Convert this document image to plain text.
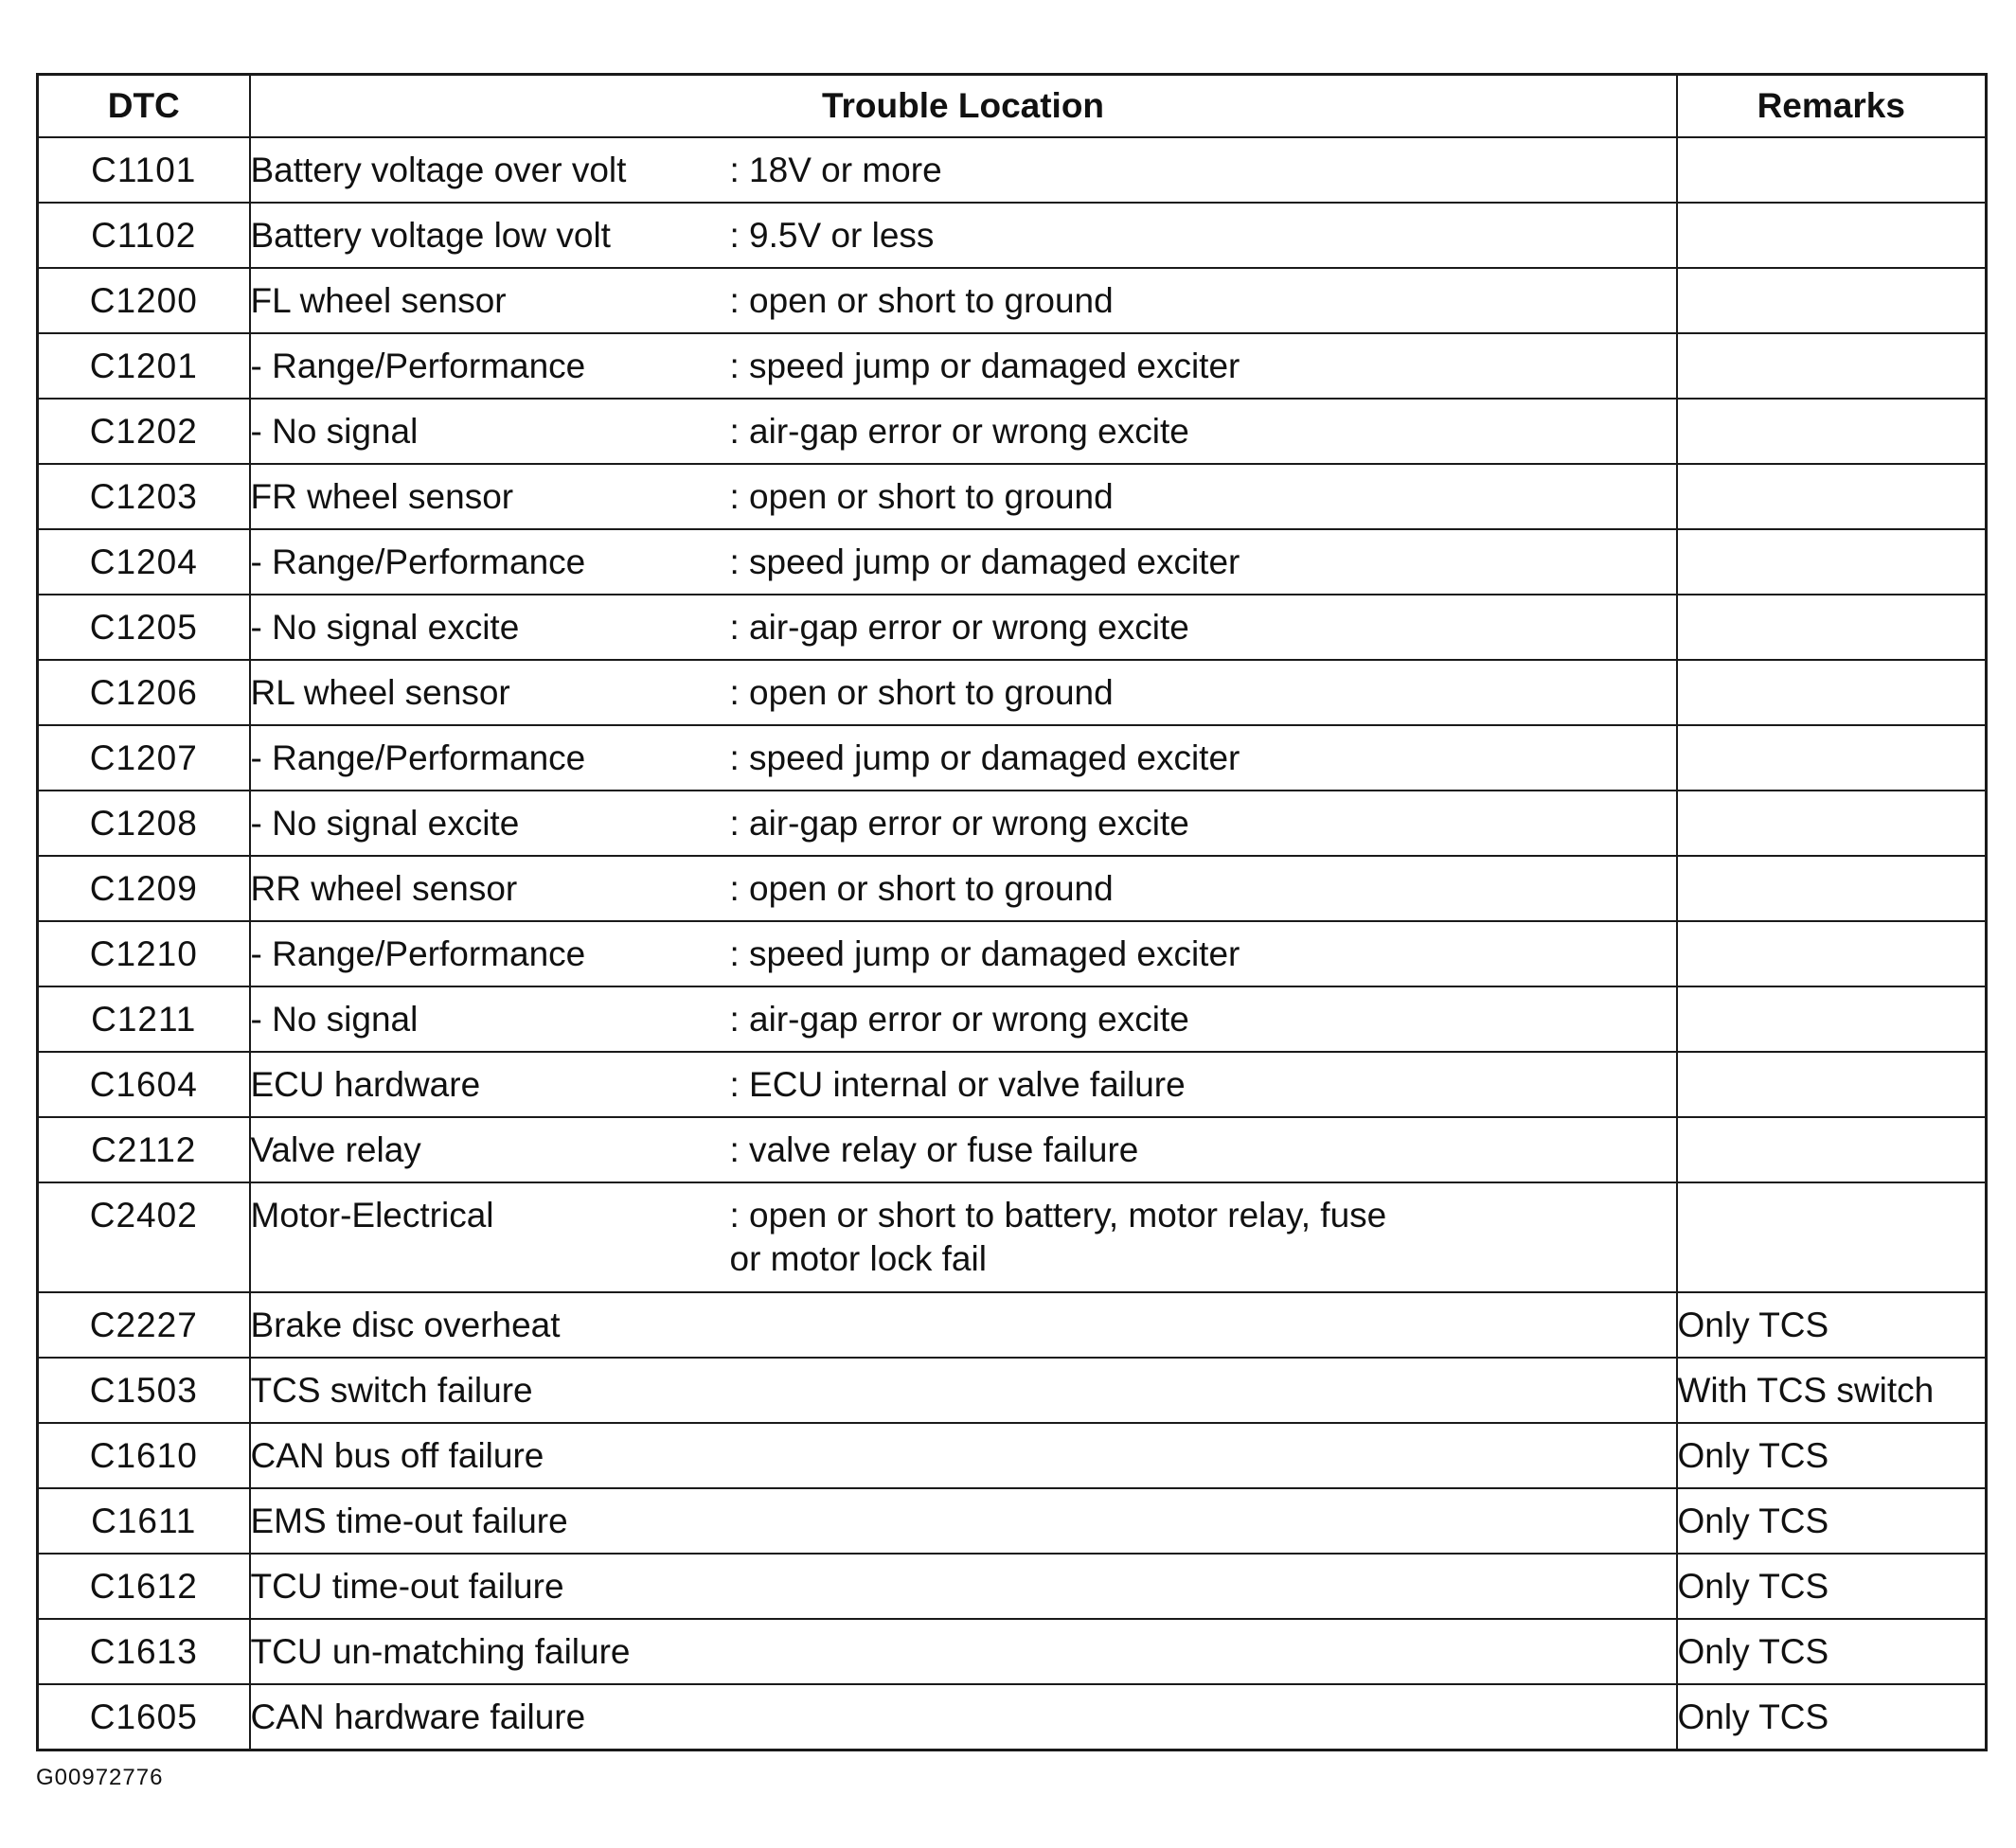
DTC	Trouble Location	Remarks
C1101	Battery voltage over volt : 18V or more	

C1102	Battery voltage low volt : 9.5V or less	

C1200	FL wheel sensor : open or short to ground	

C1201	- Range/Performance : speed jump or damaged exciter	

C1202	- No signal : air-gap error or wrong excite	

C1203	FR wheel sensor : open or short to ground	

C1204	- Range/Performance : speed jump or damaged exciter	

C1205	- No signal excite : air-gap error or wrong excite	

C1206	RL wheel sensor : open or short to ground	

C1207	- Range/Performance : speed jump or damaged exciter	

C1208	- No signal excite : air-gap error or wrong excite	

C1209	RR wheel sensor : open or short to ground	

C1210	- Range/Performance : speed jump or damaged exciter	

C1211	- No signal : air-gap error or wrong excite	

C1604	ECU hardware : ECU internal or valve failure	

C2112	Valve relay : valve relay or fuse failure	

C2402	Motor-Electrical : open or short to battery, motor relay, fuse
or motor lock fail	

C2227	Brake disc overheat	Only TCS
C1503	TCS switch failure	With TCS switch
C1610	CAN bus off failure	Only TCS
C1611	EMS time-out failure	Only TCS
C1612	TCU time-out failure	Only TCS
C1613	TCU un-matching failure	Only TCS
C1605	CAN hardware failure	Only TCS
G00972776
